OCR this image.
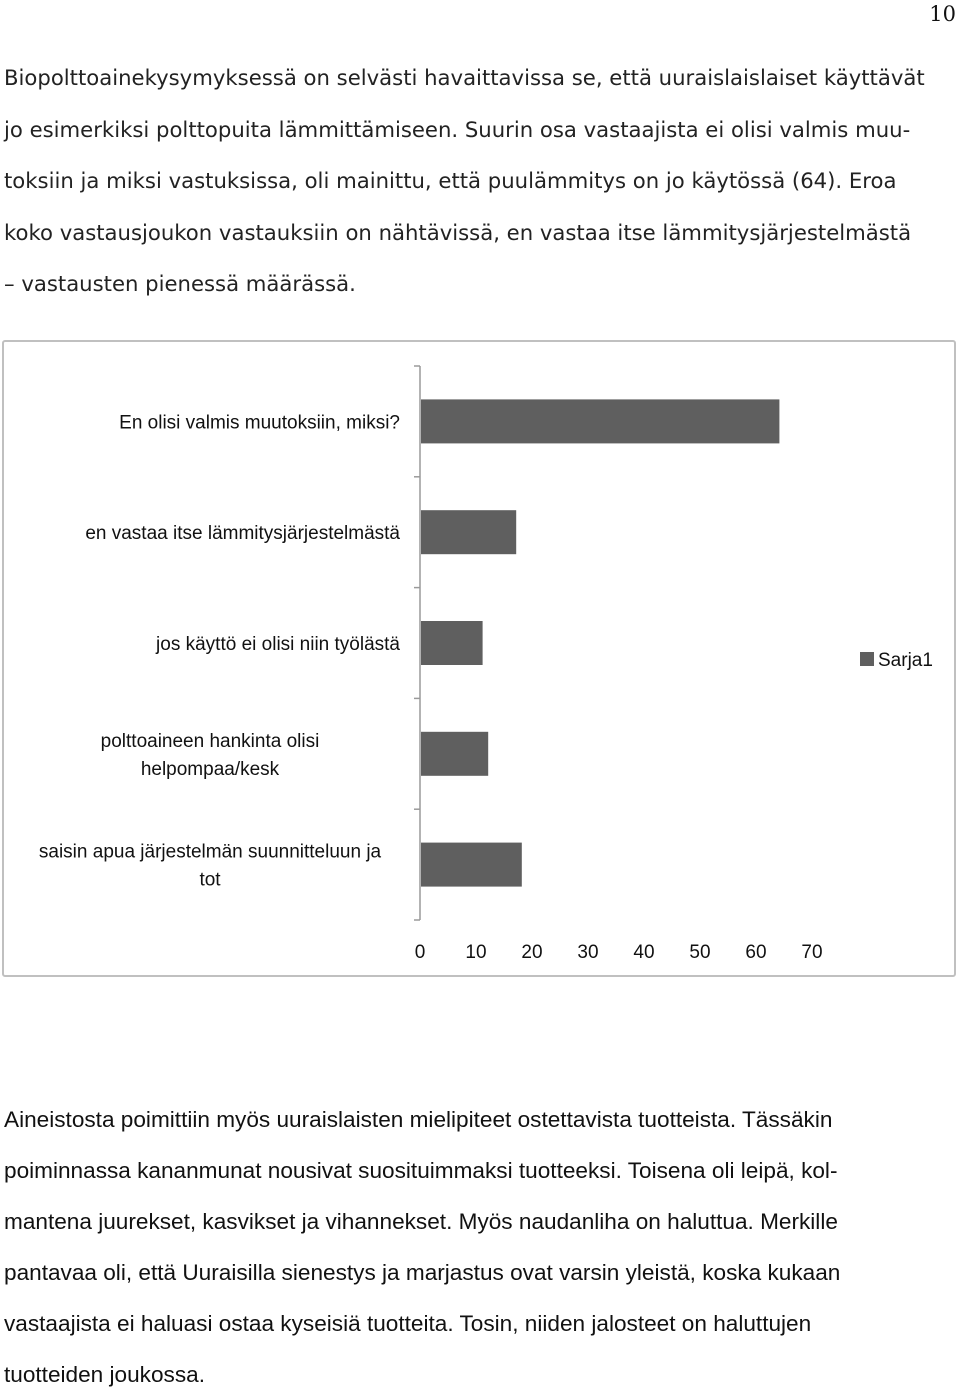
10

Biopolttoainekysymyksessä on selvästi havaittavissa se, että uuraislaislaiset käyttävät
jo esimerkiksi polttopuita lämmittämiseen. Suurin osa vastaajista ei olisi valmis muu-
toksiin ja miksi vastuksissa, oli mainittu, että puulämmitys on jo käytössä (64). Eroa
koko vastausjoukon vastauksiin on nähtävissä, en vastaa itse lämmitysjärjestelmästä
– vastausten pienessä määrässä.

En olisi valmis muutoksiin, miksi?
en vastaa itse lämmitysjärjestelmästä
jos käyttö ei olisi niin työlästä
polttoaineen hankinta olisi
helpompaa/kesk
saisin apua järjestelmän suunnitteluun ja
tot
0 10 20 30 40 50 60 70
Sarja1

Aineistosta poimittiin myös uuraislaisten mielipiteet ostettavista tuotteista. Tässäkin
poiminnassa kananmunat nousivat suosituimmaksi tuotteeksi. Toisena oli leipä, kol-
mantena juurekset, kasvikset ja vihannekset. Myös naudanliha on haluttua. Merkille
pantavaa oli, että Uuraisilla sienestys ja marjastus ovat varsin yleistä, koska kukaan
vastaajista ei haluasi ostaa kyseisiä tuotteita. Tosin, niiden jalosteet on haluttujen
tuotteiden joukossa.
